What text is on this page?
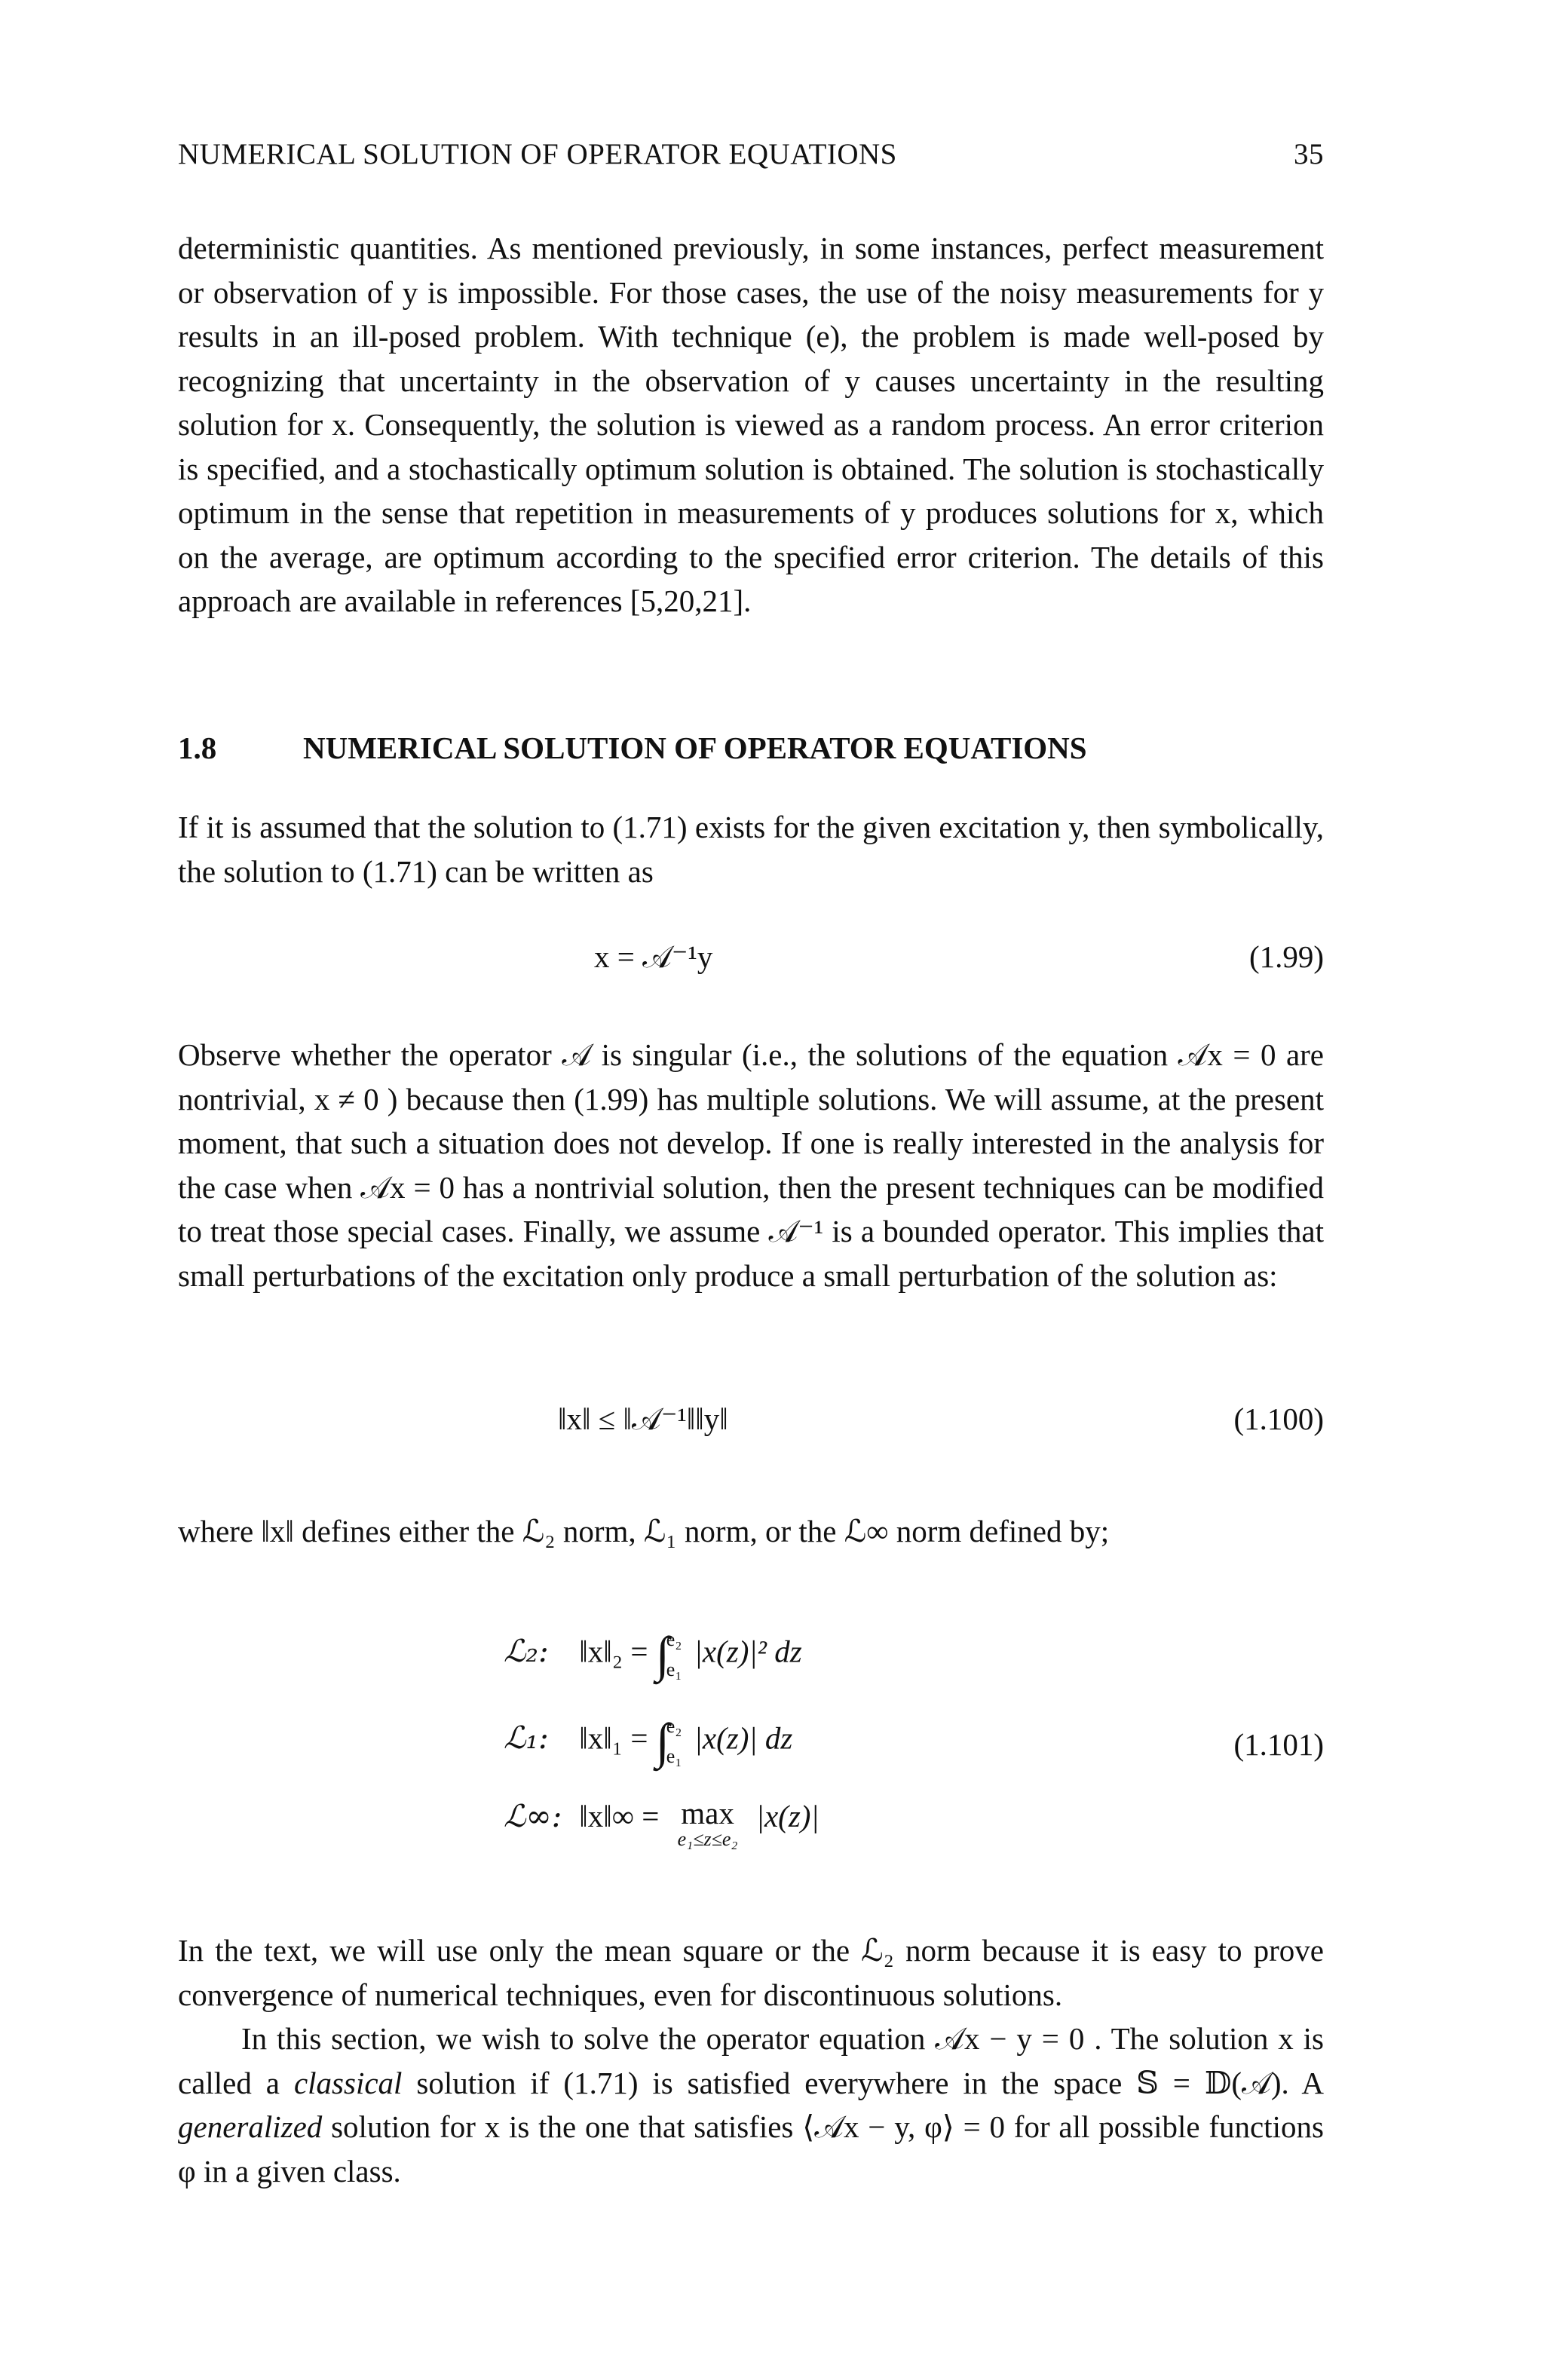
NUMERICAL SOLUTION OF OPERATOR EQUATIONS	35
deterministic quantities. As mentioned previously, in some instances, perfect measurement or observation of y is impossible. For those cases, the use of the noisy measurements for y results in an ill-posed problem. With technique (e), the problem is made well-posed by recognizing that uncertainty in the observation of y causes uncertainty in the resulting solution for x. Consequently, the solution is viewed as a random process. An error criterion is specified, and a stochastically optimum solution is obtained. The solution is stochastically optimum in the sense that repetition in measurements of y produces solutions for x, which on the average, are optimum according to the specified error criterion. The details of this approach are available in references [5,20,21].
1.8	NUMERICAL SOLUTION OF OPERATOR EQUATIONS
If it is assumed that the solution to (1.71) exists for the given excitation y, then symbolically, the solution to (1.71) can be written as
x = 𝒜⁻¹y	(1.99)
Observe whether the operator 𝒜 is singular (i.e., the solutions of the equation 𝒜x = 0 are nontrivial, x ≠ 0 ) because then (1.99) has multiple solutions. We will assume, at the present moment, that such a situation does not develop. If one is really interested in the analysis for the case when 𝒜x = 0 has a nontrivial solution, then the present techniques can be modified to treat those special cases. Finally, we assume 𝒜⁻¹ is a bounded operator. This implies that small perturbations of the excitation only produce a small perturbation of the solution as:
‖x‖ ≤ ‖𝒜⁻¹‖‖y‖	(1.100)
where ‖x‖ defines either the ℒ₂ norm, ℒ₁ norm, or the ℒ∞ norm defined by;
ℒ₂: ‖x‖₂ = ∫e₂
e₁ |x(z)|² dz
ℒ₁: ‖x‖₁ = ∫e₂
e₁ |x(z)| dz	(1.101)
ℒ∞: ‖x‖∞ = max
e₁≤z≤e₂
|x(z)|
In the text, we will use only the mean square or the ℒ₂ norm because it is easy to prove convergence of numerical techniques, even for discontinuous solutions.
In this section, we wish to solve the operator equation 𝒜x − y = 0 . The solution x is called a classical solution if (1.71) is satisfied everywhere in the space 𝕊 = 𝔻(𝒜). A generalized solution for x is the one that satisfies ⟨𝒜x − y, φ⟩ = 0 for all possible functions φ in a given class.
